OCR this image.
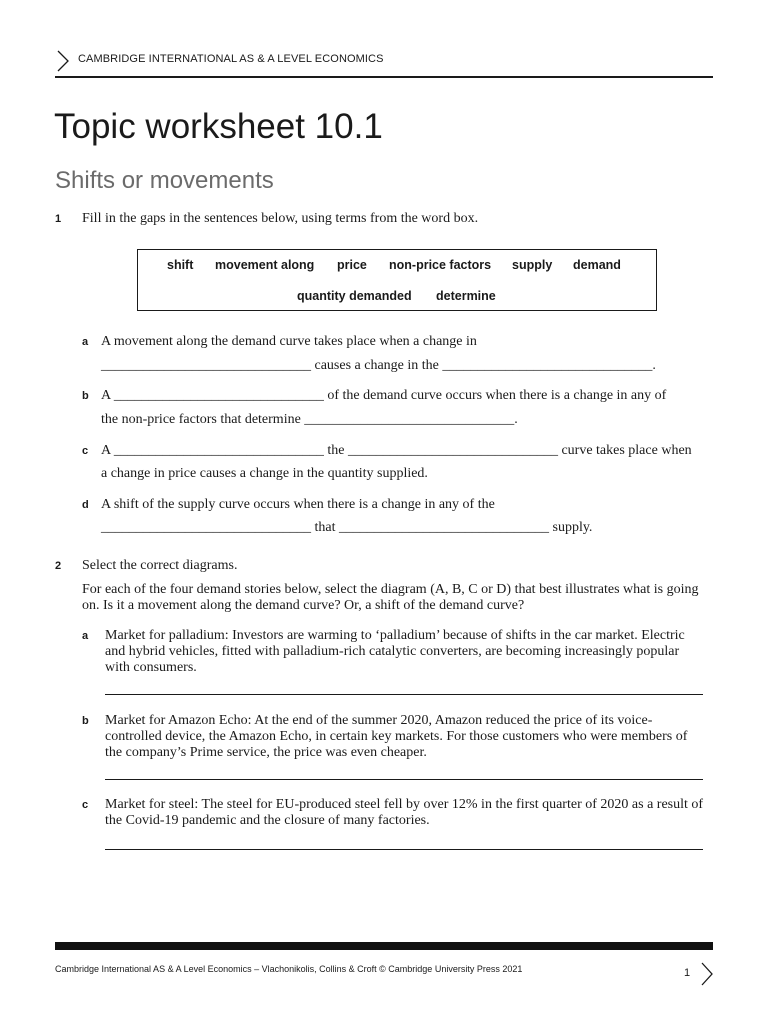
CAMBRIDGE INTERNATIONAL AS & A LEVEL ECONOMICS
Topic worksheet 10.1
Shifts or movements
1 Fill in the gaps in the sentences below, using terms from the word box.
shift movement along price non-price factors supply demand
quantity demanded determine
a A movement along the demand curve takes place when a change in
______________________________ causes a change in the ______________________________.
b A ______________________________ of the demand curve occurs when there is a change in any of
the non-price factors that determine ______________________________.
c A ______________________________ the ______________________________ curve takes place when
a change in price causes a change in the quantity supplied.
d A shift of the supply curve occurs when there is a change in any of the
______________________________ that ______________________________ supply.
2 Select the correct diagrams.
For each of the four demand stories below, select the diagram (A, B, C or D) that best illustrates what is going on. Is it a movement along the demand curve? Or, a shift of the demand curve?
a Market for palladium: Investors are warming to ‘palladium’ because of shifts in the car market. Electric and hybrid vehicles, fitted with palladium-rich catalytic converters, are becoming increasingly popular with consumers.
b Market for Amazon Echo: At the end of the summer 2020, Amazon reduced the price of its voice-controlled device, the Amazon Echo, in certain key markets. For those customers who were members of the company’s Prime service, the price was even cheaper.
c Market for steel: The steel for EU-produced steel fell by over 12% in the first quarter of 2020 as a result of the Covid-19 pandemic and the closure of many factories.
Cambridge International AS & A Level Economics – Vlachonikolis, Collins & Croft © Cambridge University Press 2021	1
